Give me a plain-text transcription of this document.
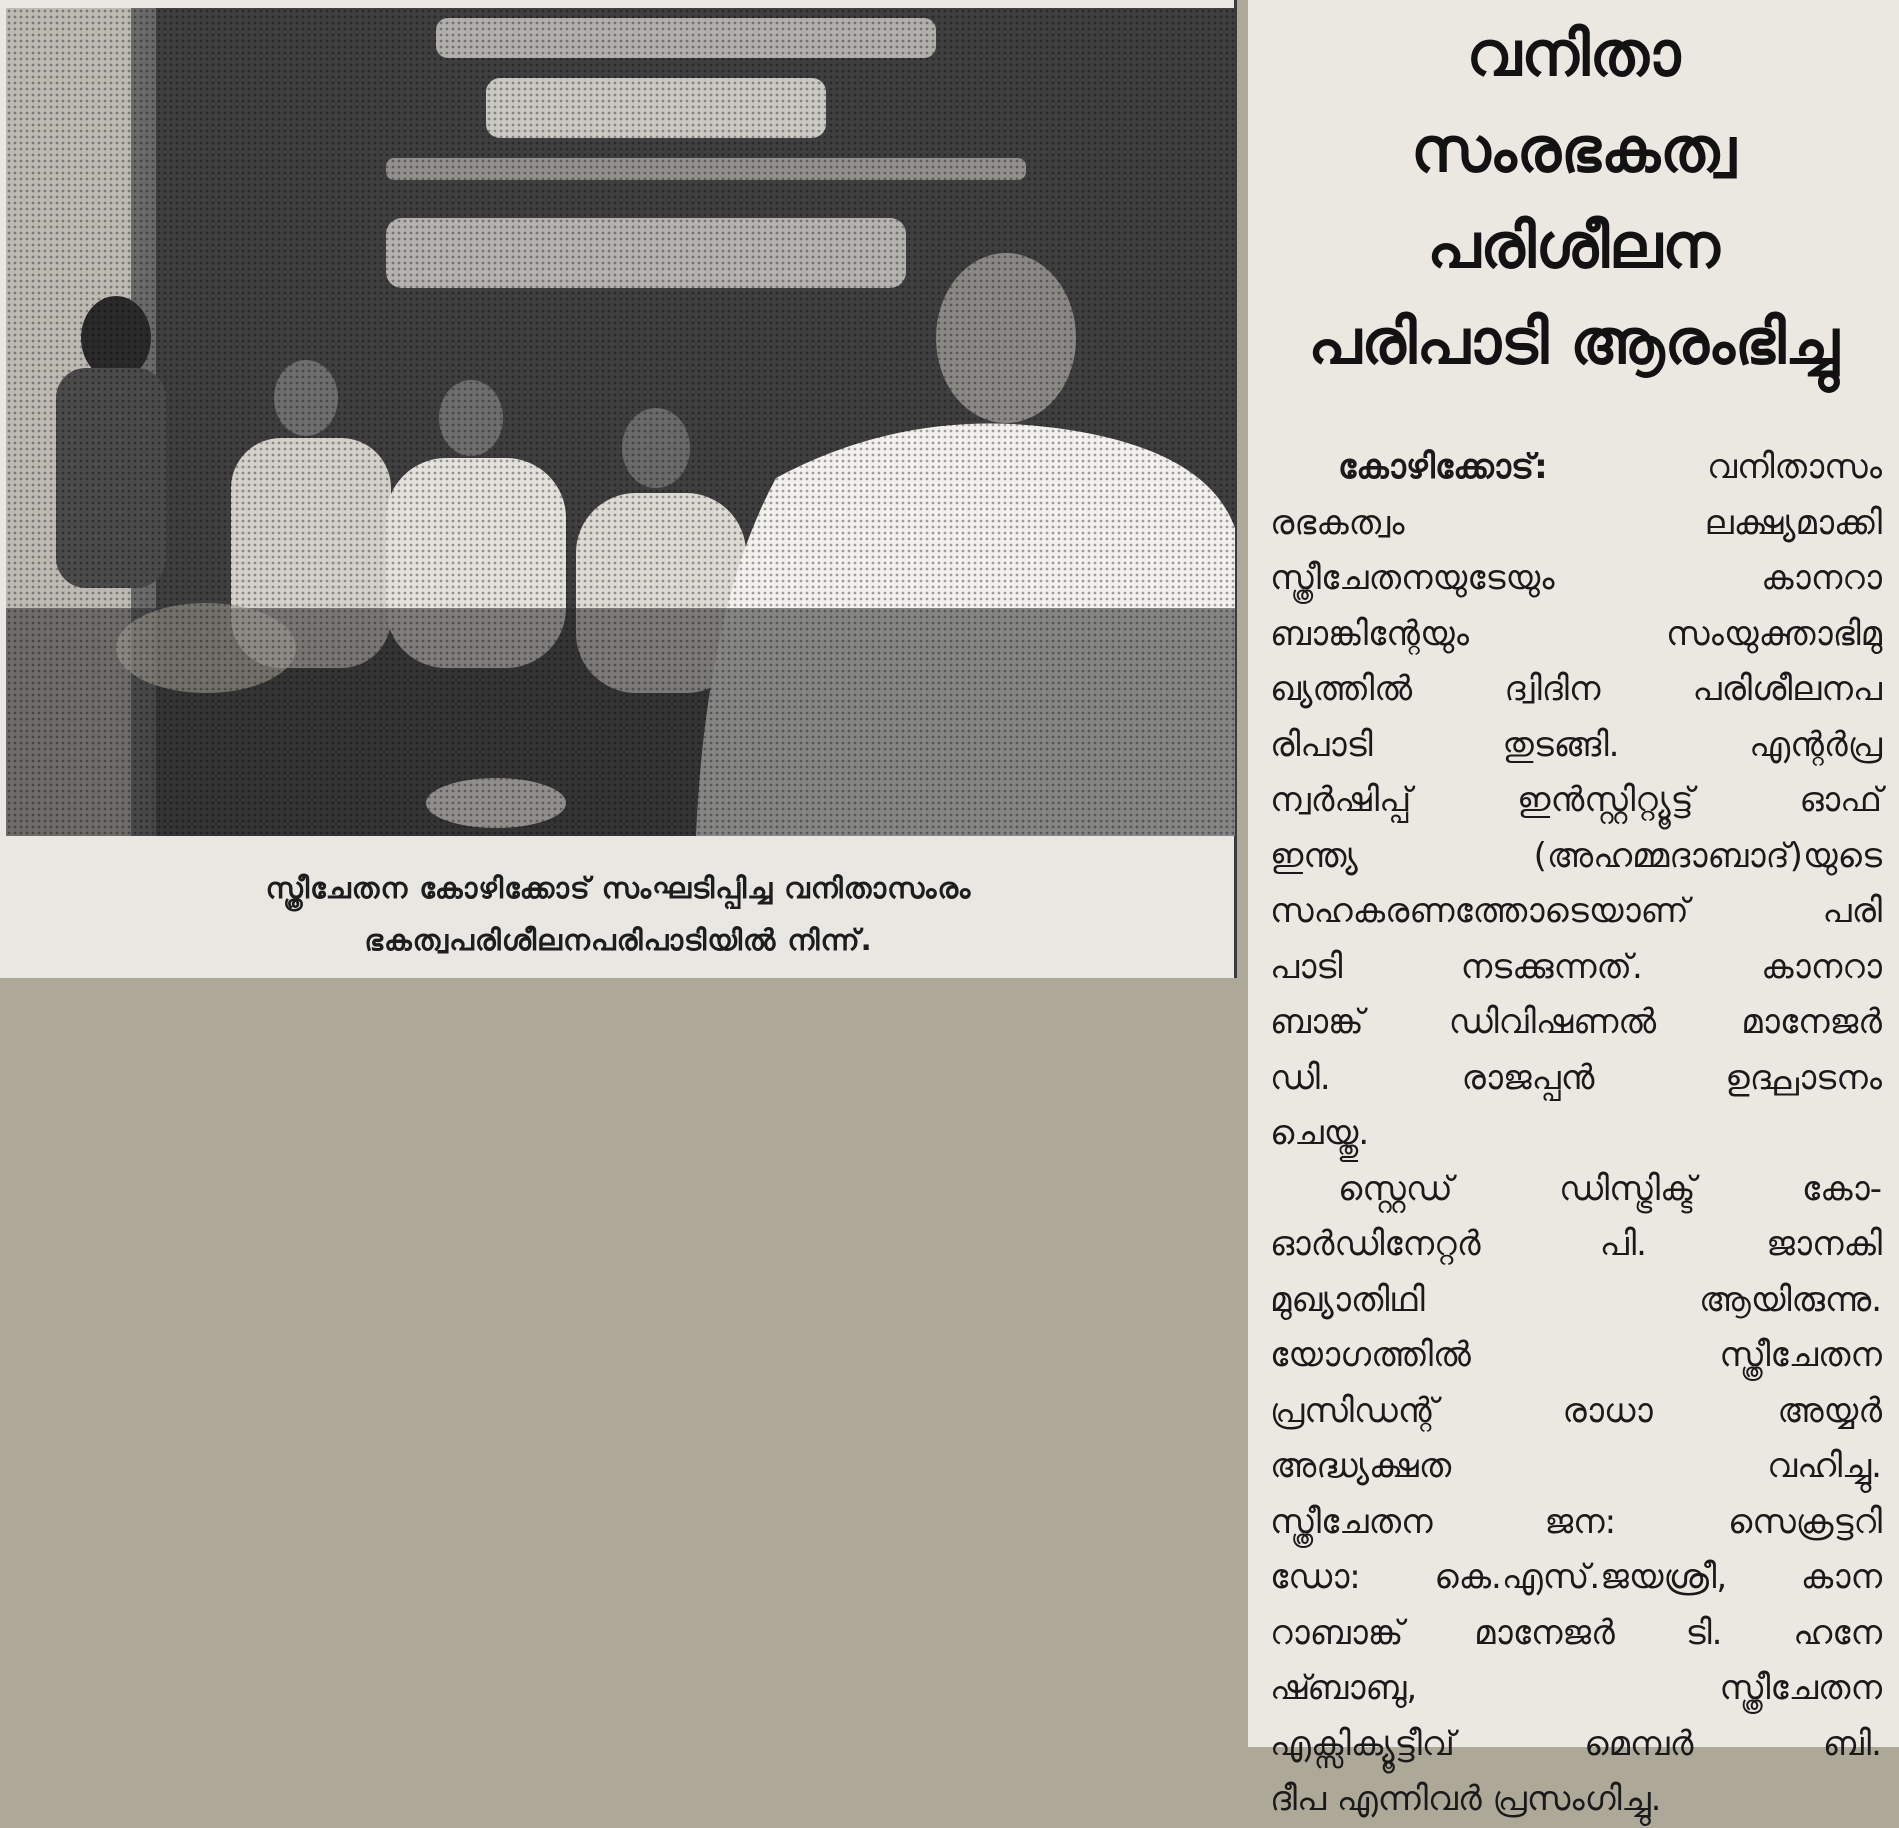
സ്ത്രീചേതന കോഴിക്കോട് സംഘടിപ്പിച്ച വനിതാസംരം
ഭകത്വപരിശീലനപരിപാടിയിൽ നിന്ന്.
വനിതാ
സംരഭകത്വ
പരിശീലന
പരിപാടി ആരംഭിച്ചു

കോഴിക്കോട്: വനിതാസം
രഭകത്വം ലക്ഷ്യമാക്കി
സ്ത്രീചേതനയുടേയും കാനറാ
ബാങ്കിന്റേയും സംയുക്താഭിമു
ഖ്യത്തിൽ ദ്വിദിന പരിശീലനപ
രിപാടി തുടങ്ങി. എന്റർപ്ര
ന്വർഷിപ്പ് ഇൻസ്റ്റിറ്റ്യൂട്ട് ഓഫ്
ഇന്ത്യ (അഹമ്മദാബാദ്)യുടെ
സഹകരണത്തോടെയാണ് പരി
പാടി നടക്കുന്നത്. കാനറാ
ബാങ്ക് ഡിവിഷണൽ മാനേജർ
ഡി. രാജപ്പൻ ഉദ്ഘാടനം
ചെയ്തു.

സ്റ്റെഡ് ഡിസ്ട്രിക്ട് കോ-
ഓർഡിനേറ്റർ പി. ജാനകി
മുഖ്യാതിഥി ആയിരുന്നു.
യോഗത്തിൽ സ്ത്രീചേതന
പ്രസിഡന്റ് രാധാ അയ്യർ
അദ്ധ്യക്ഷത വഹിച്ചു.
സ്ത്രീചേതന ജന: സെക്രട്ടറി
ഡോ: കെ.എസ്.ജയശ്രീ, കാന
റാബാങ്ക് മാനേജർ ടി. ഹനേ
ഷ്ബാബു, സ്ത്രീചേതന
എക്സിക്യൂട്ടീവ് മെമ്പർ ബി.
ദീപ എന്നിവർ പ്രസംഗിച്ചു.
